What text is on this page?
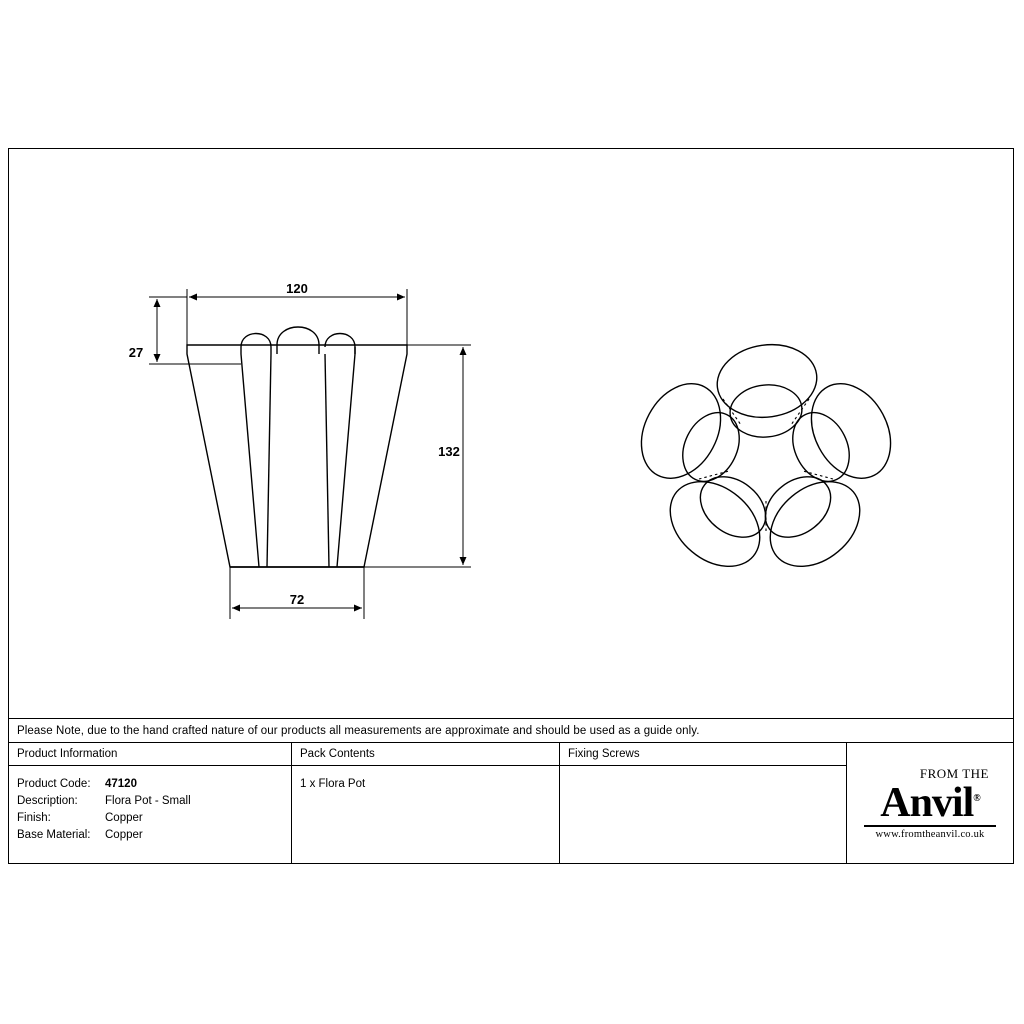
120
27
132
72
Please Note, due to the hand crafted nature of our products all measurements are approximate and should be used as a guide only.
Product Information
Product Code:	47120
Description:	Flora Pot - Small
Finish:	Copper
Base Material:	Copper
Pack Contents
1 x Flora Pot
Fixing Screws
FROM THE
Anvil®
www.fromtheanvil.co.uk
